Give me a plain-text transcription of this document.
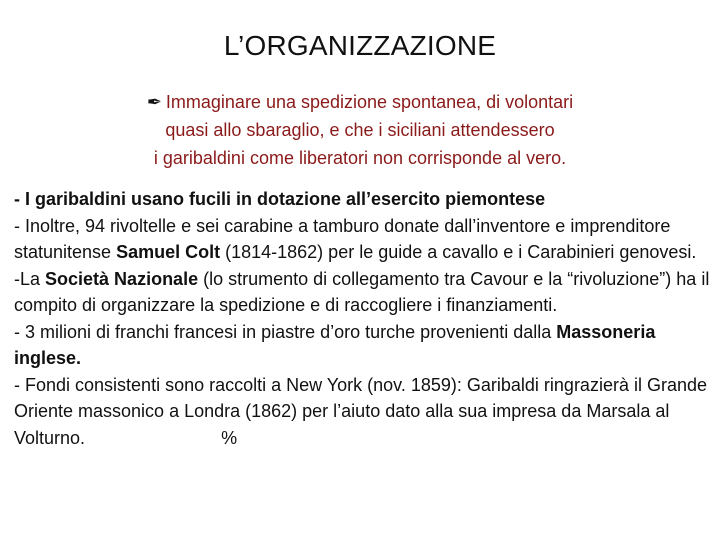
L’ORGANIZZAZIONE
✒ Immaginare una spedizione spontanea, di volontari
quasi allo sbaraglio, e che i siciliani attendessero
i garibaldini come liberatori non corrisponde al vero.

- I garibaldini usano fucili in dotazione all’esercito piemontese

- Inoltre, 94 rivoltelle e sei carabine a tamburo donate dall’inventore e imprenditore statunitense Samuel Colt (1814-1862) per le guide a cavallo e i Carabinieri genovesi.

-La Società Nazionale (lo strumento di collegamento tra Cavour e la “rivoluzione”) ha il compito di organizzare la spedizione e di raccogliere i finanziamenti.

- 3 milioni di franchi francesi in piastre d’oro turche provenienti dalla Massoneria inglese.

- Fondi consistenti sono raccolti a New York (nov. 1859): Garibaldi ringrazierà il Grande Oriente massonico a Londra (1862) per l’aiuto dato alla sua impresa da Marsala al Volturno.	%
